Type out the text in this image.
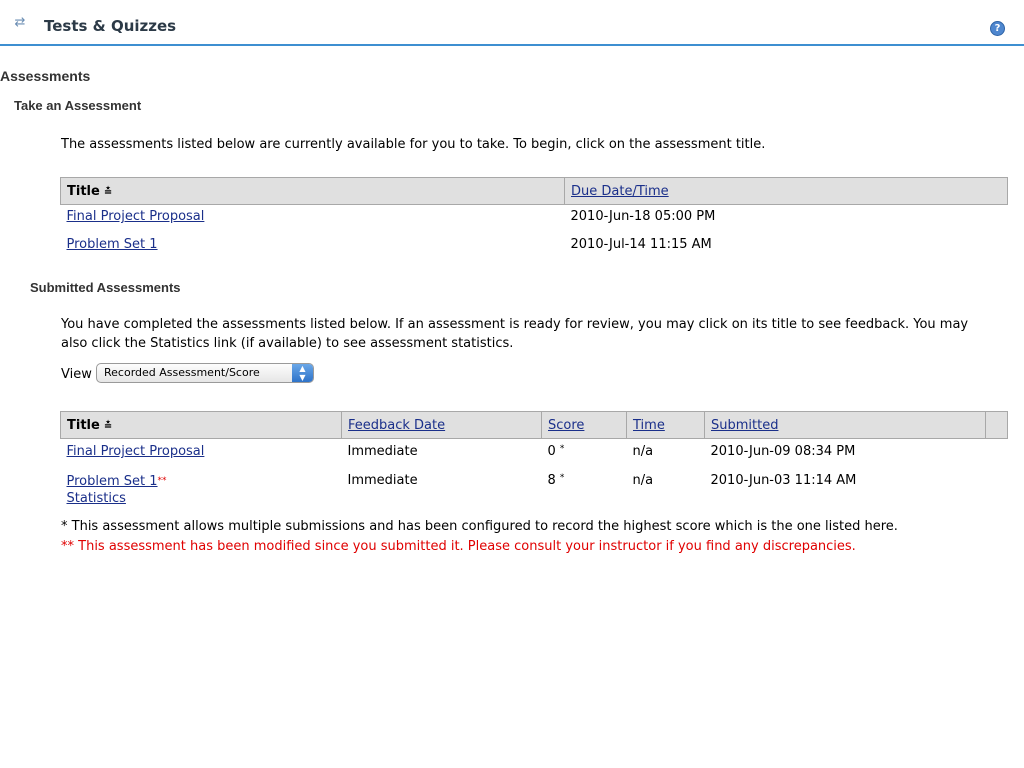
⇄ Tests & Quizzes	?
Assessments
Take an Assessment
The assessments listed below are currently available for you to take. To begin, click on the assessment title.
Title ≛	Due Date/Time
Final Project Proposal	2010-Jun-18 05:00 PM
Problem Set 1	2010-Jul-14 11:15 AM
Submitted Assessments
You have completed the assessments listed below. If an assessment is ready for review, you may click on its title to see feedback. You may
also click the Statistics link (if available) to see assessment statistics.
View	Recorded Assessment/Score	▲
▼
Title ≛	Feedback Date	Score	Time	Submitted	
Final Project Proposal	Immediate	0 *	n/a	2010-Jun-09 08:34 PM	
Problem Set 1**
Statistics	Immediate	8 *	n/a	2010-Jun-03 11:14 AM	
* This assessment allows multiple submissions and has been configured to record the highest score which is the one listed here.
** This assessment has been modified since you submitted it. Please consult your instructor if you find any discrepancies.
